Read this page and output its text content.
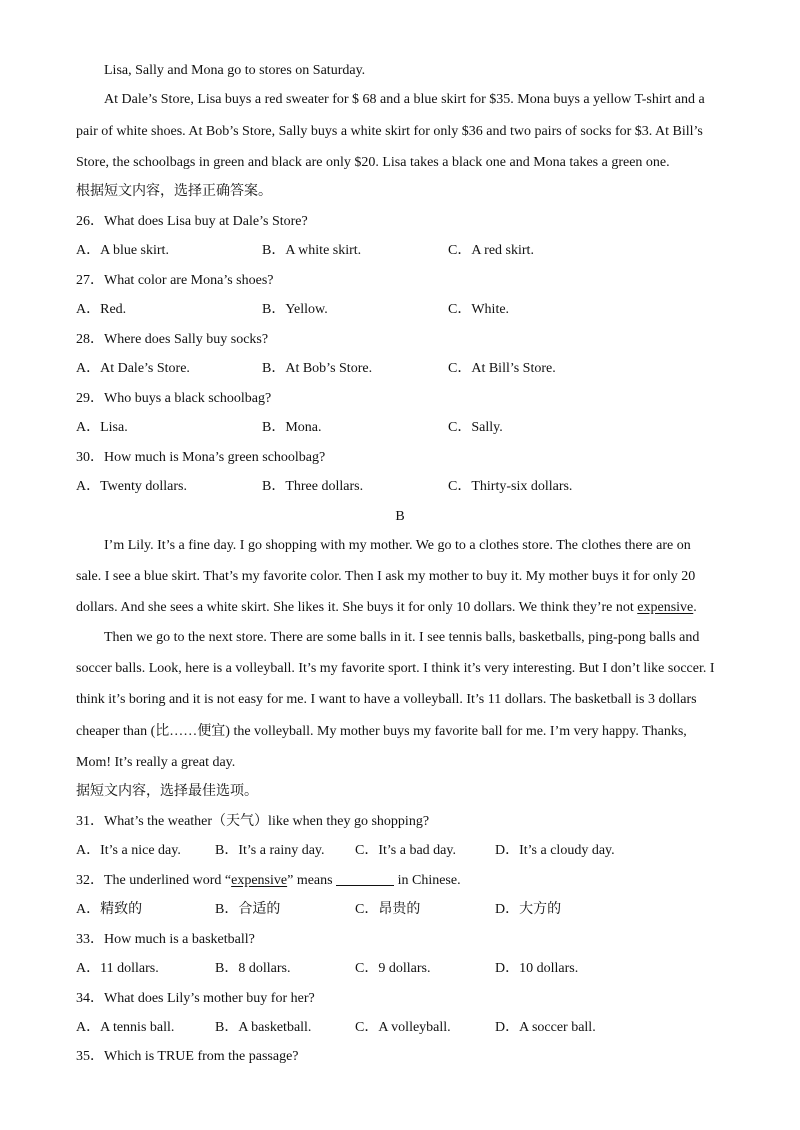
Lisa, Sally and Mona go to stores on Saturday.
At Dale’s Store, Lisa buys a red sweater for $ 68 and a blue skirt for $35. Mona buys a yellow T-shirt and a
pair of white shoes. At Bob’s Store, Sally buys a white skirt for only $36 and two pairs of socks for $3. At Bill’s
Store, the schoolbags in green and black are only $20. Lisa takes a black one and Mona takes a green one.
根据短文内容，选择正确答案。
26．What does Lisa buy at Dale’s Store?
A．A blue skirt.	B．A white skirt.	C．A red skirt.
27．What color are Mona’s shoes?
A．Red.	B．Yellow.	C．White.
28．Where does Sally buy socks?
A．At Dale’s Store.	B．At Bob’s Store.	C．At Bill’s Store.
29．Who buys a black schoolbag?
A．Lisa.	B．Mona.	C．Sally.
30．How much is Mona’s green schoolbag?
A．Twenty dollars.	B．Three dollars.	C．Thirty-six dollars.
B
I’m Lily. It’s a fine day. I go shopping with my mother. We go to a clothes store. The clothes there are on
sale. I see a blue skirt. That’s my favorite color. Then I ask my mother to buy it. My mother buys it for only 20
dollars. And she sees a white skirt. She likes it. She buys it for only 10 dollars. We think they’re not expensive.
Then we go to the next store. There are some balls in it. I see tennis balls, basketballs, ping-pong balls and
soccer balls. Look, here is a volleyball. It’s my favorite sport. I think it’s very interesting. But I don’t like soccer. I
think it’s boring and it is not easy for me. I want to have a volleyball. It’s 11 dollars. The basketball is 3 dollars
cheaper than (比……便宜) the volleyball. My mother buys my favorite ball for me. I’m very happy. Thanks,
Mom! It’s really a great day.
据短文内容，选择最佳选项。
31．What’s the weather（天气）like when they go shopping?
A．It’s a nice day. B．It’s a rainy day. C．It’s a bad day.	D．It’s a cloudy day.
32．The underlined word “expensive” means	in Chinese.
A．精致的	B．合适的	C．昂贵的	D．大方的
33．How much is a basketball?
A．11 dollars.	B．8 dollars.	C．9 dollars.	D．10 dollars.
34．What does Lily’s mother buy for her?
A．A tennis ball.	B．A basketball.	C．A volleyball.	D．A soccer ball.
35．Which is TRUE from the passage?
